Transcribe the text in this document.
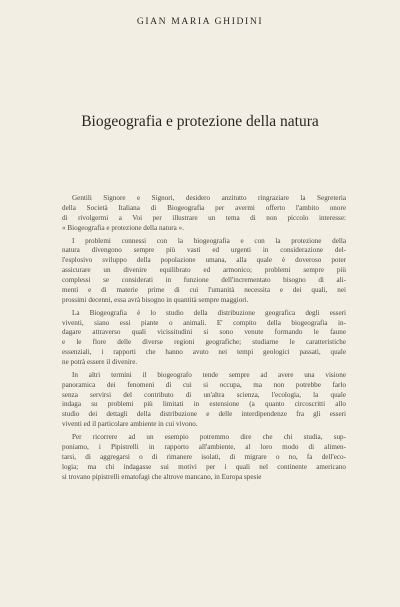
GIAN MARIA GHIDINI
Biogeografia e protezione della natura
Gentili Signore e Signori, desidero anzitutto ringraziare la Segreteria
della Società Italiana di Biogeografia per avermi offerto l'ambito onore
di rivolgermi a Voi per illustrare un tema di non piccolo interesse:
« Biogeografia e protezione della natura ».
I problemi connessi con la biogeografia e con la protezione della
natura divengono sempre più vasti ed urgenti in considerazione del-
l'esplosivo sviluppo della popolazione umana, alla quale è doveroso poter
assicurare un divenire equilibrato ed armonico; problemi sempre più
complessi se considerati in funzione dell'incrementato bisogno di ali-
menti e di materie prime di cui l'umanità necessita e dei quali, nei
prossimi decenni, essa avrà bisogno in quantità sempre maggiori.
La Biogeografia è lo studio della distribuzione geografica degli esseri
viventi, siano essi piante o animali. E' compito della biogeografia in-
dagare attraverso quali vicissitudini si sono venute formando le faune
e le flore delle diverse regioni geografiche; studiarne le caratteristiche
essenziali, i rapporti che hanno avuto nei tempi geologici passati, quale
ne potrà essere il divenire.
In altri termini il biogeografo tende sempre ad avere una visione
panoramica dei fenomeni di cui si occupa, ma non potrebbe farlo
senza servirsi del contributo di un'altra scienza, l'ecologia, la quale
indaga su problemi più limitati in estensione (a quanto circoscritti allo
studio dei dettagli della distribuzione e delle interdipendenze fra gli esseri
viventi ed il particolare ambiente in cui vivono.
Per ricorrere ad un esempio potremmo dire che chi studia, sup-
poniamo, i Pipistrelli in rapporto all'ambiente, al loro modo di alimen-
tarsi, di aggregarsi o di rimanere isolati, di migrare o no, fa dell'eco-
logia; ma chi indagasse sui motivi per i quali nel continente americano
si trovano pipistrelli ematofagi che altrove mancano, in Europa spesie
